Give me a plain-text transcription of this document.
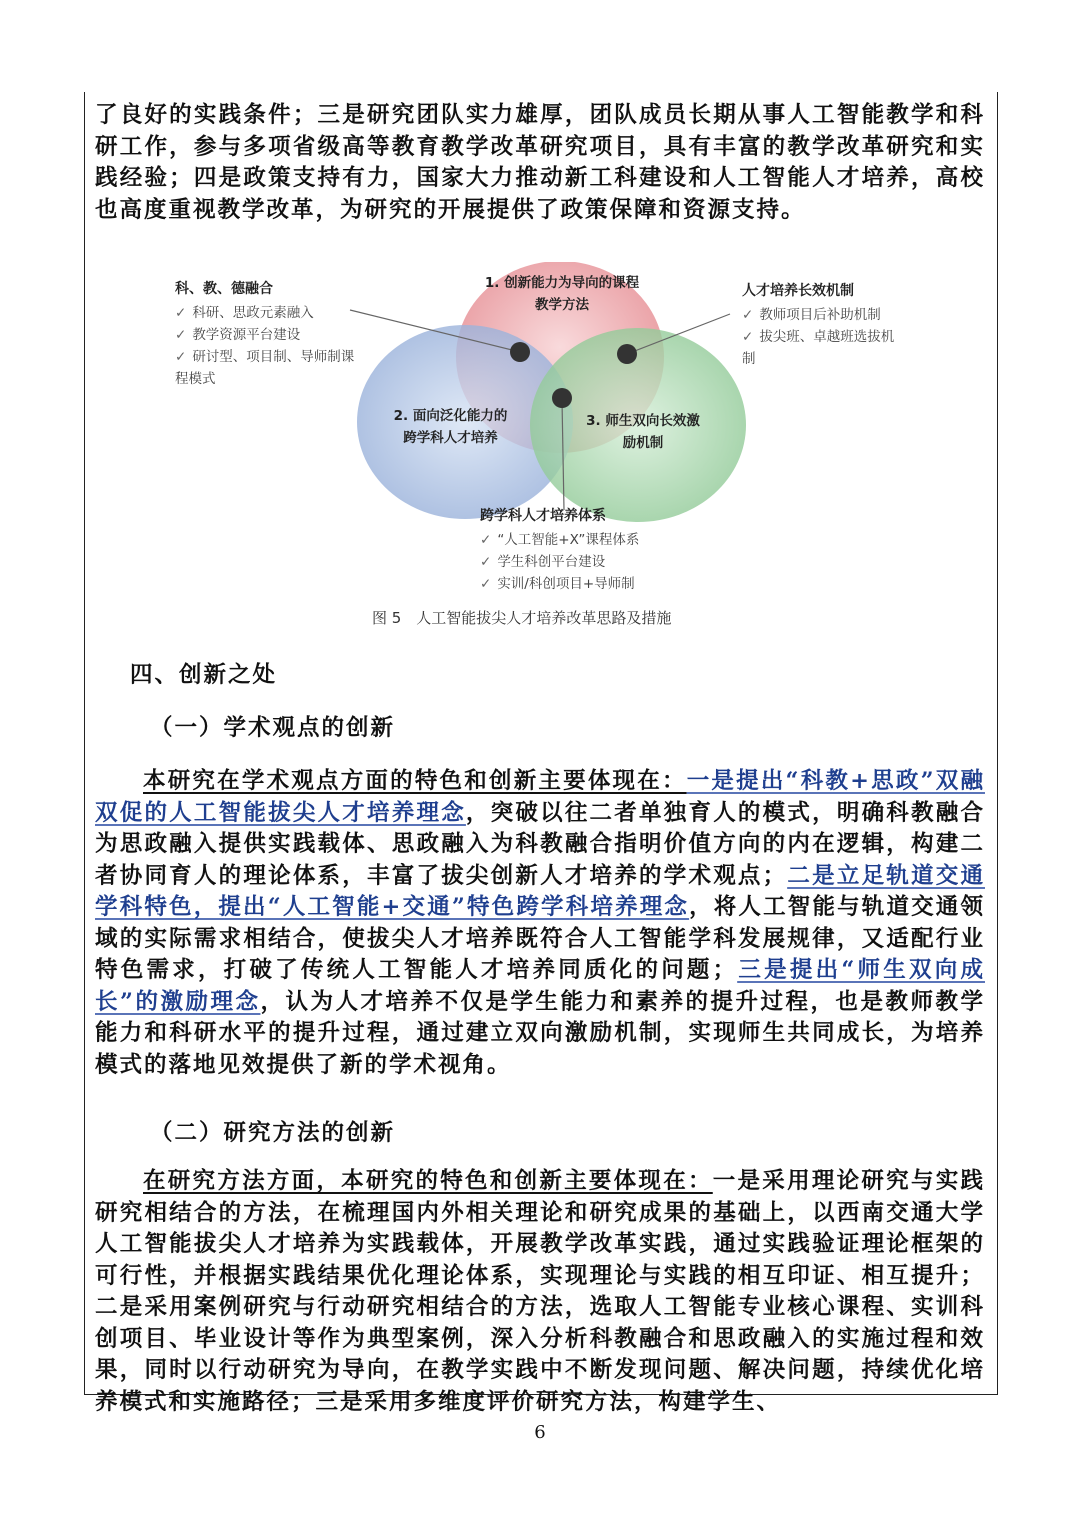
了良好的实践条件；三是研究团队实力雄厚，团队成员长期从事人工智能教学和科研工作，参与多项省级高等教育教学改革研究项目，具有丰富的教学改革研究和实践经验；四是政策支持有力，国家大力推动新工科建设和人工智能人才培养，高校也高度重视教学改革，为研究的开展提供了政策保障和资源支持。

1. 创新能力为导向的课程教学方法
2. 面向泛化能力的跨学科人才培养
3. 师生双向长效激励机制
科、教、德融合
✓ 科研、思政元素融入
✓ 教学资源平台建设
✓ 研讨型、项目制、导师制课程模式
人才培养长效机制
✓ 教师项目后补助机制
✓ 拔尖班、卓越班选拔机制
跨学科人才培养体系
✓ “人工智能+X”课程体系
✓ 学生科创平台建设
✓ 实训/科创项目+导师制
图 5　人工智能拔尖人才培养改革思路及措施

四、创新之处

（一）学术观点的创新

本研究在学术观点方面的特色和创新主要体现在：一是提出“科教+思政”双融双促的人工智能拔尖人才培养理念，突破以往二者单独育人的模式，明确科教融合为思政融入提供实践载体、思政融入为科教融合指明价值方向的内在逻辑，构建二者协同育人的理论体系，丰富了拔尖创新人才培养的学术观点；二是立足轨道交通学科特色，提出“人工智能+交通”特色跨学科培养理念，将人工智能与轨道交通领域的实际需求相结合，使拔尖人才培养既符合人工智能学科发展规律，又适配行业特色需求，打破了传统人工智能人才培养同质化的问题；三是提出“师生双向成长”的激励理念，认为人才培养不仅是学生能力和素养的提升过程，也是教师教学能力和科研水平的提升过程，通过建立双向激励机制，实现师生共同成长，为培养模式的落地见效提供了新的学术视角。

（二）研究方法的创新

在研究方法方面，本研究的特色和创新主要体现在：一是采用理论研究与实践研究相结合的方法，在梳理国内外相关理论和研究成果的基础上，以西南交通大学人工智能拔尖人才培养为实践载体，开展教学改革实践，通过实践验证理论框架的可行性，并根据实践结果优化理论体系，实现理论与实践的相互印证、相互提升；二是采用案例研究与行动研究相结合的方法，选取人工智能专业核心课程、实训科创项目、毕业设计等作为典型案例，深入分析科教融合和思政融入的实施过程和效果，同时以行动研究为导向，在教学实践中不断发现问题、解决问题，持续优化培养模式和实施路径；三是采用多维度评价研究方法，构建学生、

6
